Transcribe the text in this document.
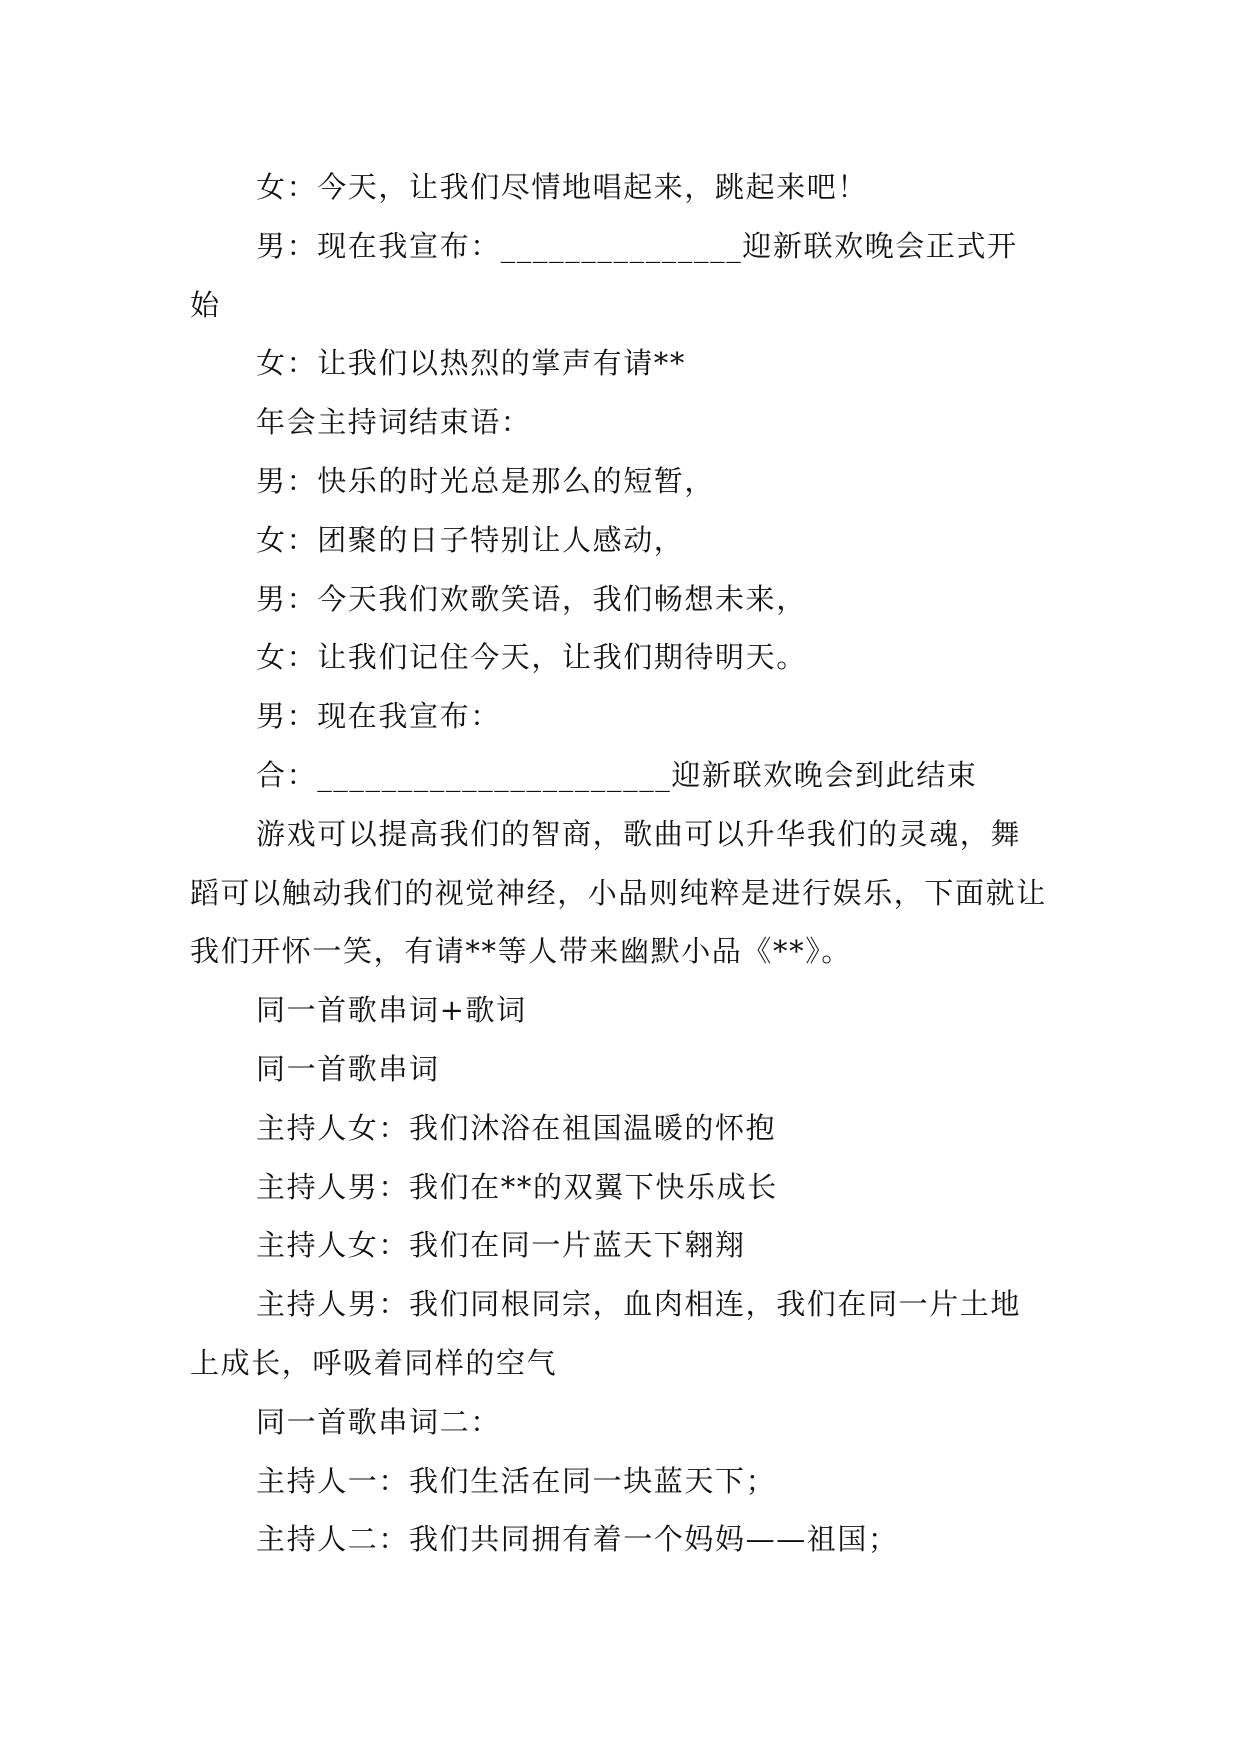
女：今天，让我们尽情地唱起来，跳起来吧！

男：现在我宣布：_______________迎新联欢晚会正式开始

女：让我们以热烈的掌声有请**

年会主持词结束语：

男：快乐的时光总是那么的短暂，

女：团聚的日子特别让人感动，

男：今天我们欢歌笑语，我们畅想未来，

女：让我们记住今天，让我们期待明天。

男：现在我宣布：

合：______________________迎新联欢晚会到此结束

游戏可以提高我们的智商，歌曲可以升华我们的灵魂，舞蹈可以触动我们的视觉神经，小品则纯粹是进行娱乐，下面就让我们开怀一笑，有请**等人带来幽默小品《**》。

同一首歌串词+歌词

同一首歌串词

主持人女：我们沐浴在祖国温暖的怀抱

主持人男：我们在**的双翼下快乐成长

主持人女：我们在同一片蓝天下翱翔

主持人男：我们同根同宗，血肉相连，我们在同一片土地上成长，呼吸着同样的空气

同一首歌串词二：

主持人一：我们生活在同一块蓝天下；

主持人二：我们共同拥有着一个妈妈——祖国；
